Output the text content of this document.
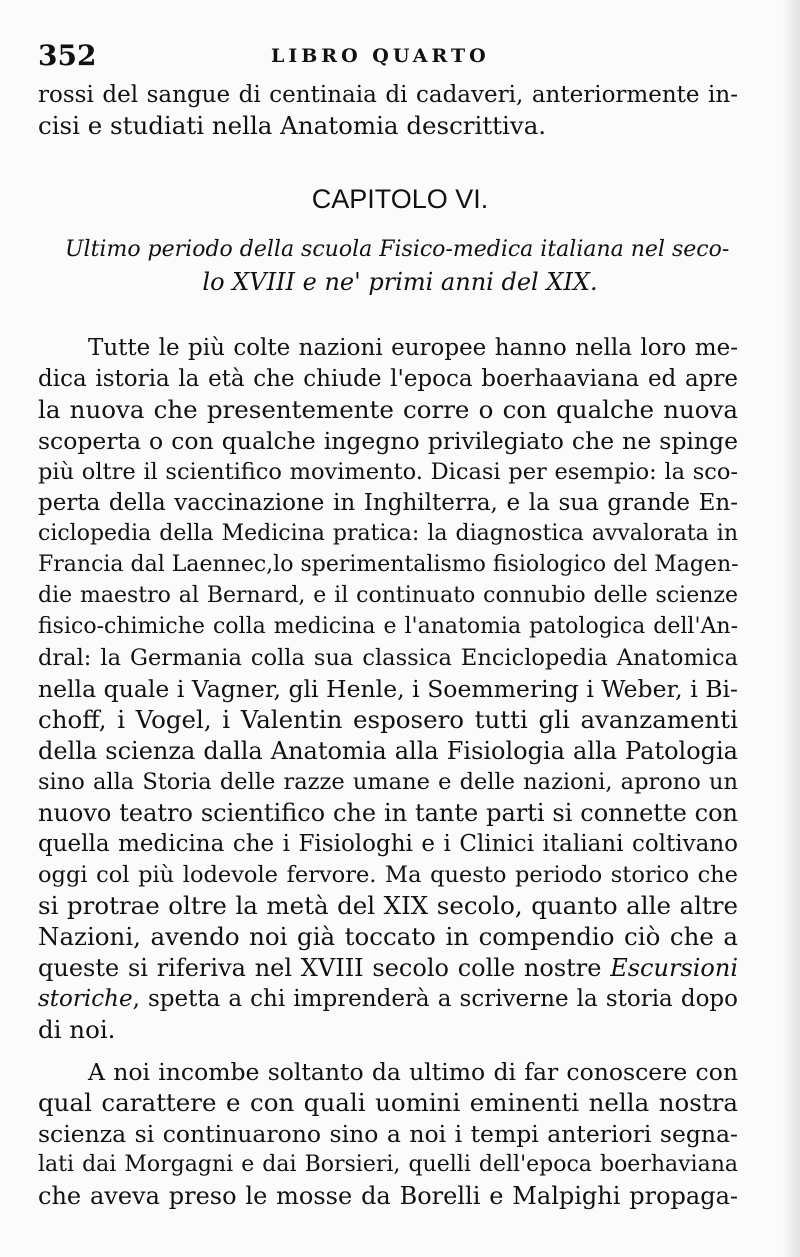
352	LIBRO QUARTO
rossi del sangue di centinaia di cadaveri, anteriormente in-
cisi e studiati nella Anatomia descrittiva.
CAPITOLO VI.
Ultimo periodo della scuola Fisico-medica italiana nel seco-
lo XVIII e ne' primi anni del XIX.
Tutte le più colte nazioni europee hanno nella loro me-
dica istoria la età che chiude l'epoca boerhaaviana ed apre
la nuova che presentemente corre o con qualche nuova
scoperta o con qualche ingegno privilegiato che ne spinge
più oltre il scientifico movimento. Dicasi per esempio: la sco-
perta della vaccinazione in Inghilterra, e la sua grande En-
ciclopedia della Medicina pratica: la diagnostica avvalorata in
Francia dal Laennec,lo sperimentalismo fisiologico del Magen-
die maestro al Bernard, e il continuato connubio delle scienze
fisico-chimiche colla medicina e l'anatomia patologica dell'An-
dral: la Germania colla sua classica Enciclopedia Anatomica
nella quale i Vagner, gli Henle, i Soemmering i Weber, i Bi-
choff, i Vogel, i Valentin esposero tutti gli avanzamenti
della scienza dalla Anatomia alla Fisiologia alla Patologia
sino alla Storia delle razze umane e delle nazioni, aprono un
nuovo teatro scientifico che in tante parti si connette con
quella medicina che i Fisiologhi e i Clinici italiani coltivano
oggi col più lodevole fervore. Ma questo periodo storico che
si protrae oltre la metà del XIX secolo, quanto alle altre
Nazioni, avendo noi già toccato in compendio ciò che a
queste si riferiva nel XVIII secolo colle nostre Escursioni
storiche, spetta a chi imprenderà a scriverne la storia dopo
di noi.
A noi incombe soltanto da ultimo di far conoscere con
qual carattere e con quali uomini eminenti nella nostra
scienza si continuarono sino a noi i tempi anteriori segna-
lati dai Morgagni e dai Borsieri, quelli dell'epoca boerhaviana
che aveva preso le mosse da Borelli e Malpighi propaga-
